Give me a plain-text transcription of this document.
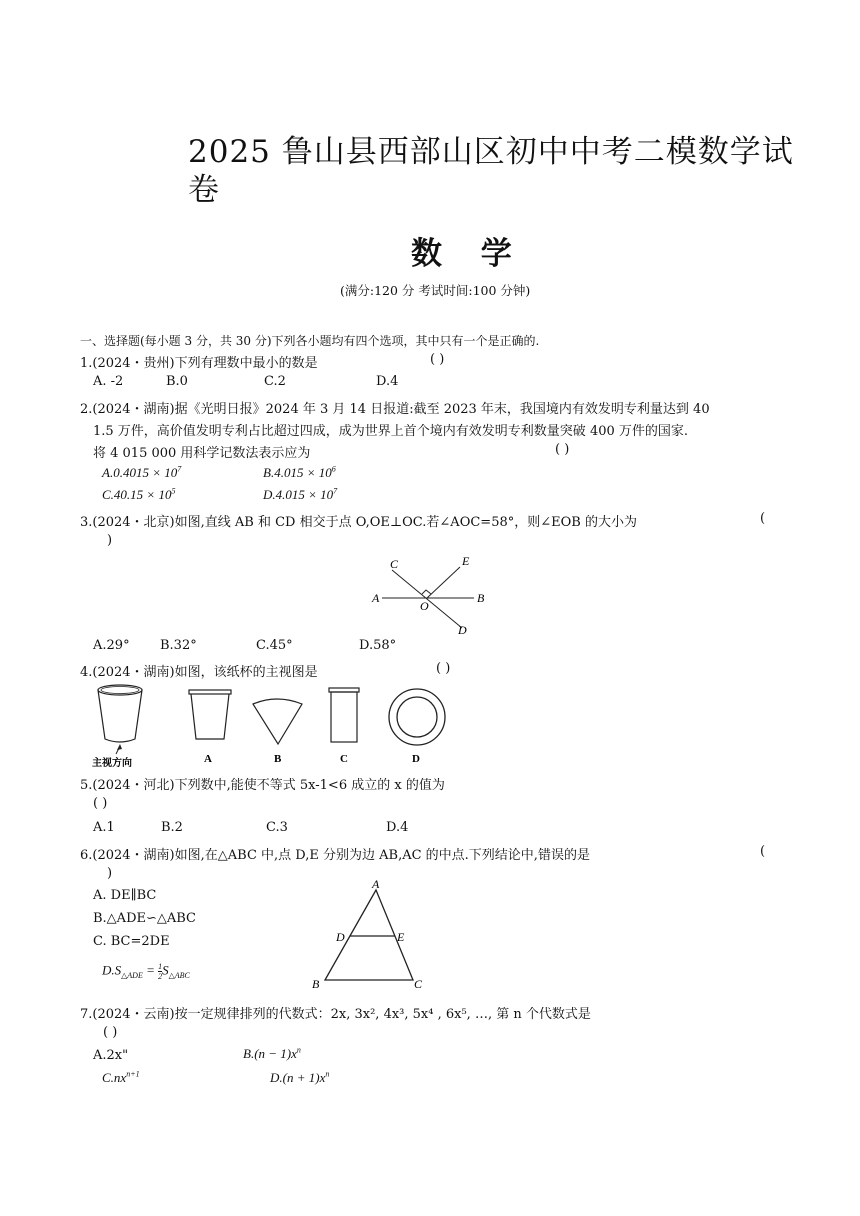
2025 鲁山县西部山区初中中考二模数学试卷
数 学
(满分:120 分 考试时间:100 分钟)
一、选择题(每小题 3 分，共 30 分)下列各小题均有四个选项，其中只有一个是正确的.
1.(2024・贵州)下列有理数中最小的数是	( )
A. -2	B.0	C.2	D.4
2.(2024・湖南)据《光明日报》2024 年 3 月 14 日报道:截至 2023 年末，我国境内有效发明专利量达到 40
1.5 万件，高价值发明专利占比超过四成，成为世界上首个境内有效发明专利数量突破 400 万件的国家.
将 4 015 000 用科学记数法表示应为	( )
$A.0.4015 \times 10^7$	$B.4.015 \times 10^6$
$C.40.15 \times 10^5$	$D.4.015 \times 10^7$
3.(2024・北京)如图,直线 AB 和 CD 相交于点 O,OE⊥OC.若∠AOC=58°，则∠EOB 的大小为	(
)
C	E
A	B
O
D
A.29° B.32°	C.45°	D.58°
4.(2024・湖南)如图，该纸杯的主视图是	( )
主视方向	A	B	C	D
5.(2024・河北)下列数中,能使不等式 5x-1<6 成立的 x 的值为
( )
A.1	B.2	C.3	D.4
6.(2024・湖南)如图,在△ABC 中,点 D,E 分别为边 AB,AC 的中点.下列结论中,错误的是	(
)
A. DE∥BC
B.△ADE∽△ABC
C. BC=2DE
$D.S_{\triangle ADE} = \frac{1}{2} S_{\triangle ABC}$
A
D	E
B	C
7.(2024・云南)按一定规律排列的代数式：2x, 3x², 4x³, 5x⁴ , 6x⁵, …, 第 n 个代数式是
( )
A.2x"	$B.(n - 1)x^n$
$C.nx^{n+1}$	$D.(n + 1)x^n$
